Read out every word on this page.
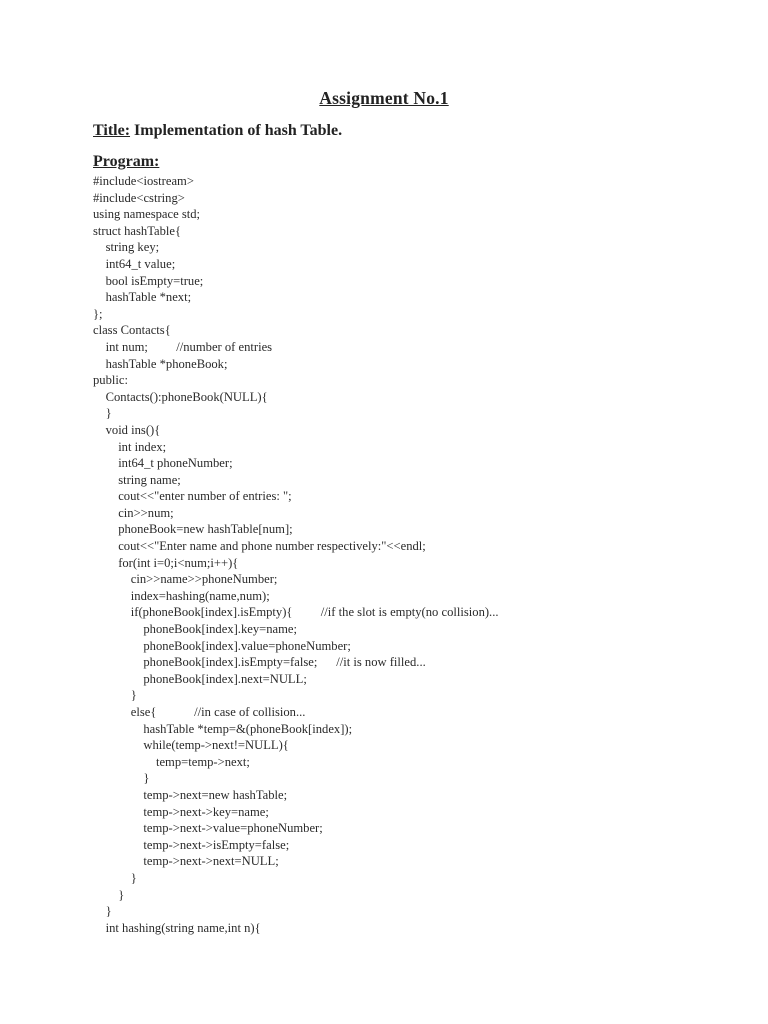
Assignment No.1
Title: Implementation of hash Table.
Program:
#include<iostream>
#include<cstring>
using namespace std;
struct hashTable{
string key;
int64_t value;
bool isEmpty=true;
hashTable *next;
};
class Contacts{
int num;         //number of entries
hashTable *phoneBook;
public:
Contacts():phoneBook(NULL){
}
void ins(){
int index;
int64_t phoneNumber;
string name;
cout<<"enter number of entries: ";
cin>>num;
phoneBook=new hashTable[num];
cout<<"Enter name and phone number respectively:"<<endl;
for(int i=0;i<num;i++){
cin>>name>>phoneNumber;
index=hashing(name,num);
if(phoneBook[index].isEmpty){         //if the slot is empty(no collision)...
phoneBook[index].key=name;
phoneBook[index].value=phoneNumber;
phoneBook[index].isEmpty=false;      //it is now filled...
phoneBook[index].next=NULL;
}
else{            //in case of collision...
hashTable *temp=&(phoneBook[index]);
while(temp->next!=NULL){
temp=temp->next;
}
temp->next=new hashTable;
temp->next->key=name;
temp->next->value=phoneNumber;
temp->next->isEmpty=false;
temp->next->next=NULL;
}
}
}
int hashing(string name,int n){
